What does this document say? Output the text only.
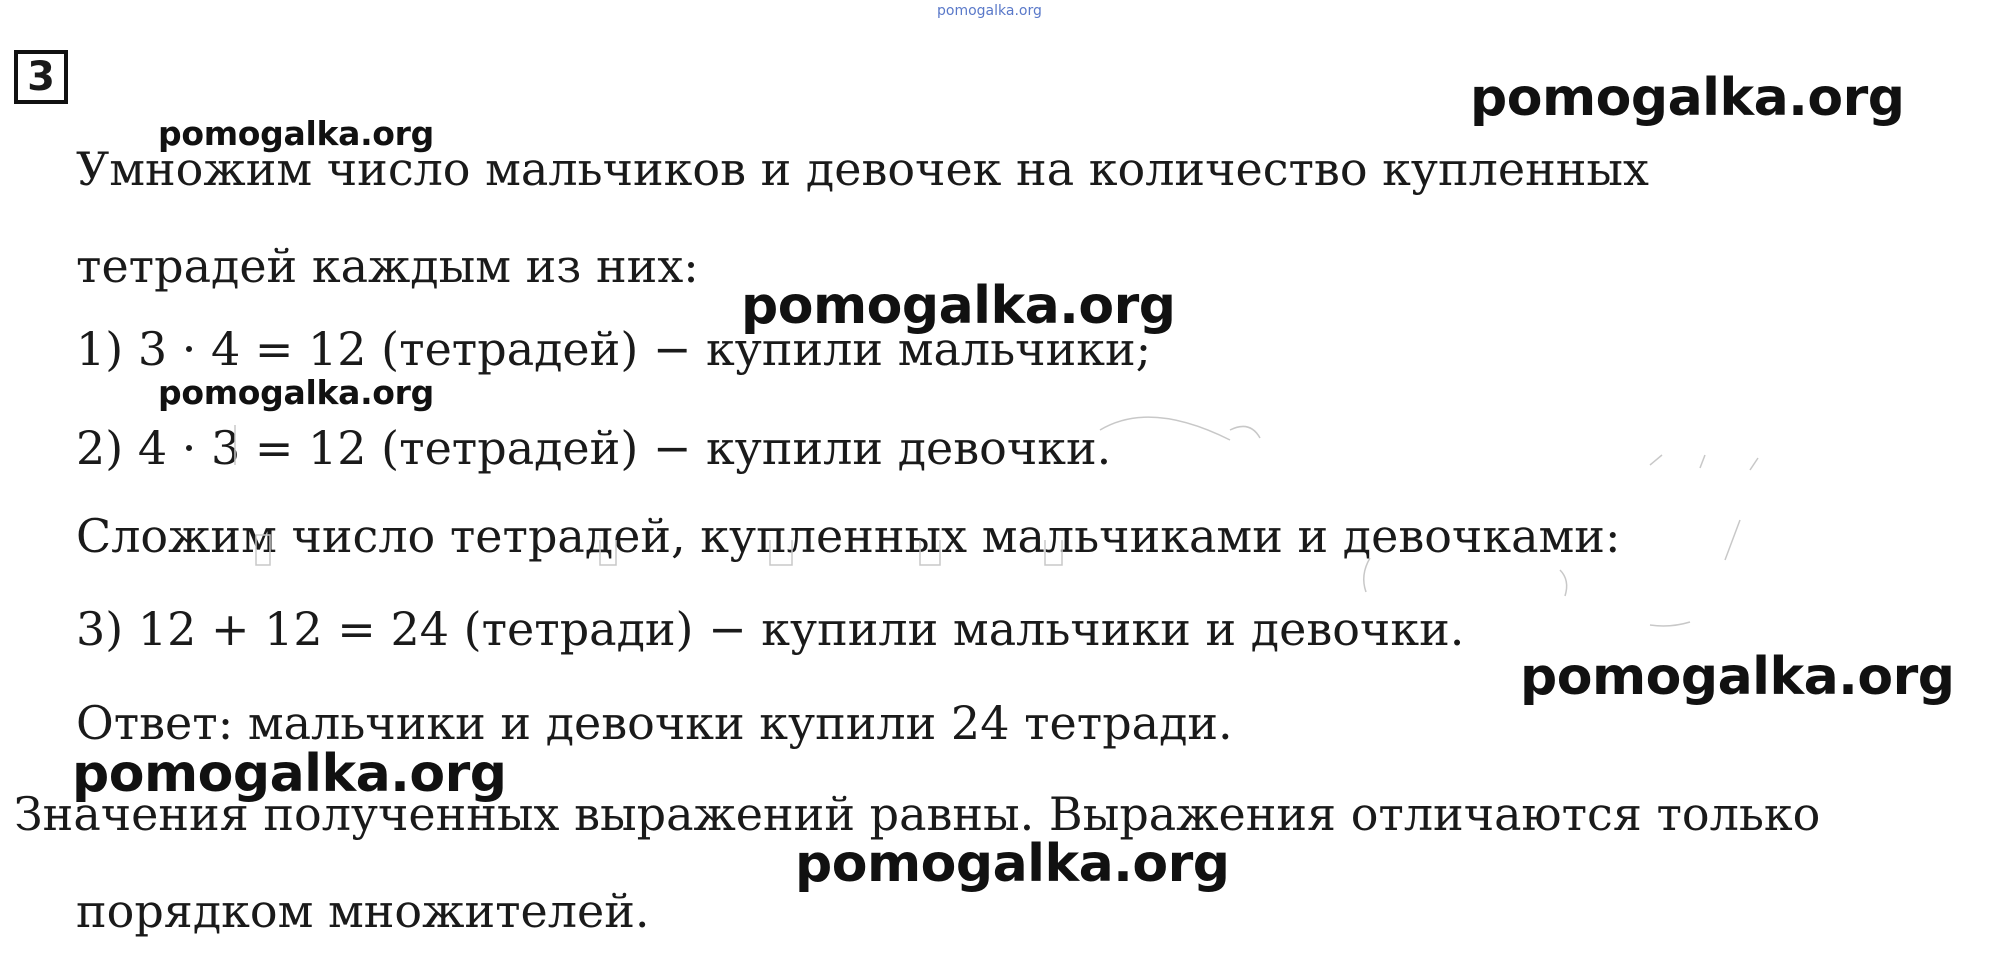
pomogalka.org
3
Умножим число мальчиков и девочек на количество купленных
тетрадей каждым из них:
1) 3 · 4 = 12 (тетрадей) − купили мальчики;
2) 4 · 3 = 12 (тетрадей) − купили девочки.
Сложим число тетрадей, купленных мальчиками и девочками:
3) 12 + 12 = 24 (тетради) − купили мальчики и девочки.
Ответ: мальчики и девочки купили 24 тетради.
Значения полученных выражений равны. Выражения отличаются только
порядком множителей.
pomogalka.org
pomogalka.org
pomogalka.org
pomogalka.org
pomogalka.org
pomogalka.org
pomogalka.org
